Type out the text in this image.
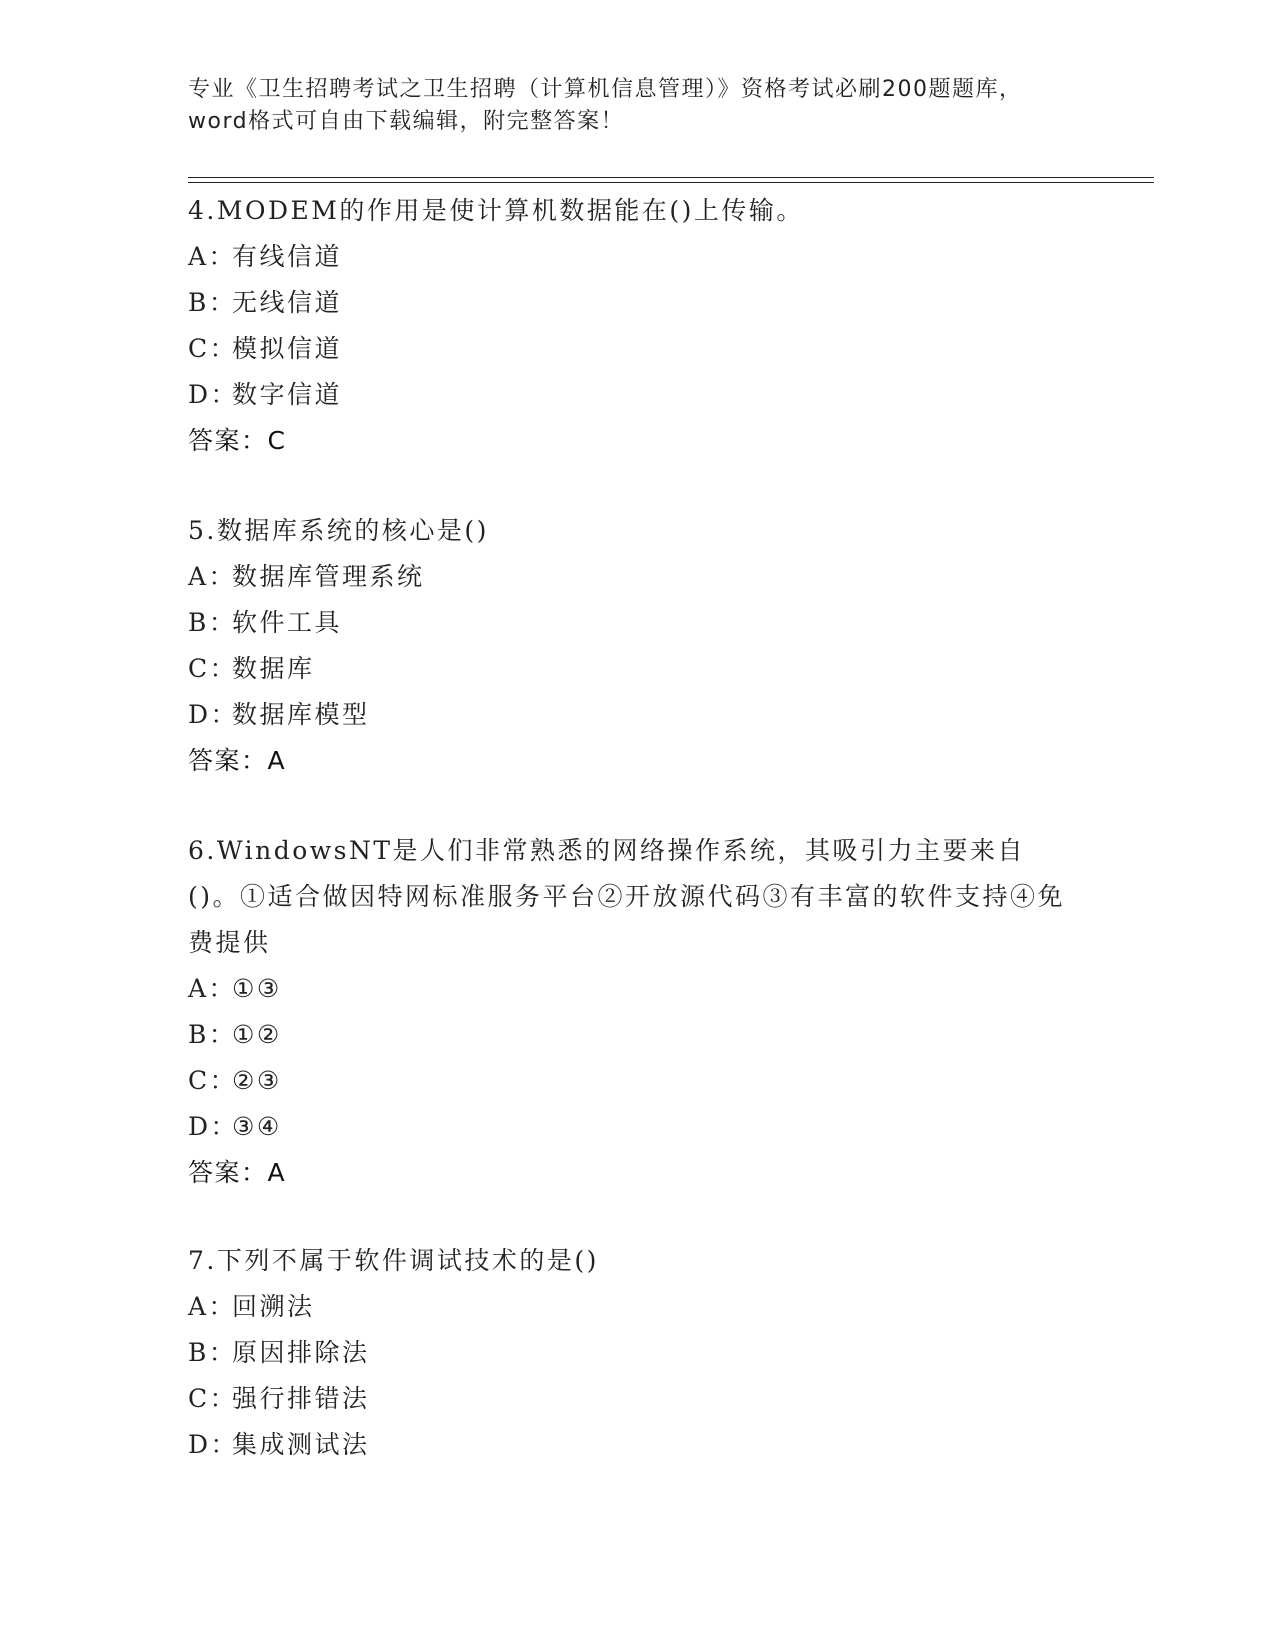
专业《卫生招聘考试之卫生招聘（计算机信息管理）》资格考试必刷200题题库，
word格式可自由下载编辑，附完整答案！

4.MODEM的作用是使计算机数据能在()上传输。

A：有线信道

B：无线信道

C：模拟信道

D：数字信道

答案：C

5.数据库系统的核心是()

A：数据库管理系统

B：软件工具

C：数据库

D：数据库模型

答案：A

6.WindowsNT是人们非常熟悉的网络操作系统，其吸引力主要来自()。①适合做因特网标准服务平台②开放源代码③有丰富的软件支持④免费提供

A：①③

B：①②

C：②③

D：③④

答案：A

7.下列不属于软件调试技术的是()

A：回溯法

B：原因排除法

C：强行排错法

D：集成测试法
